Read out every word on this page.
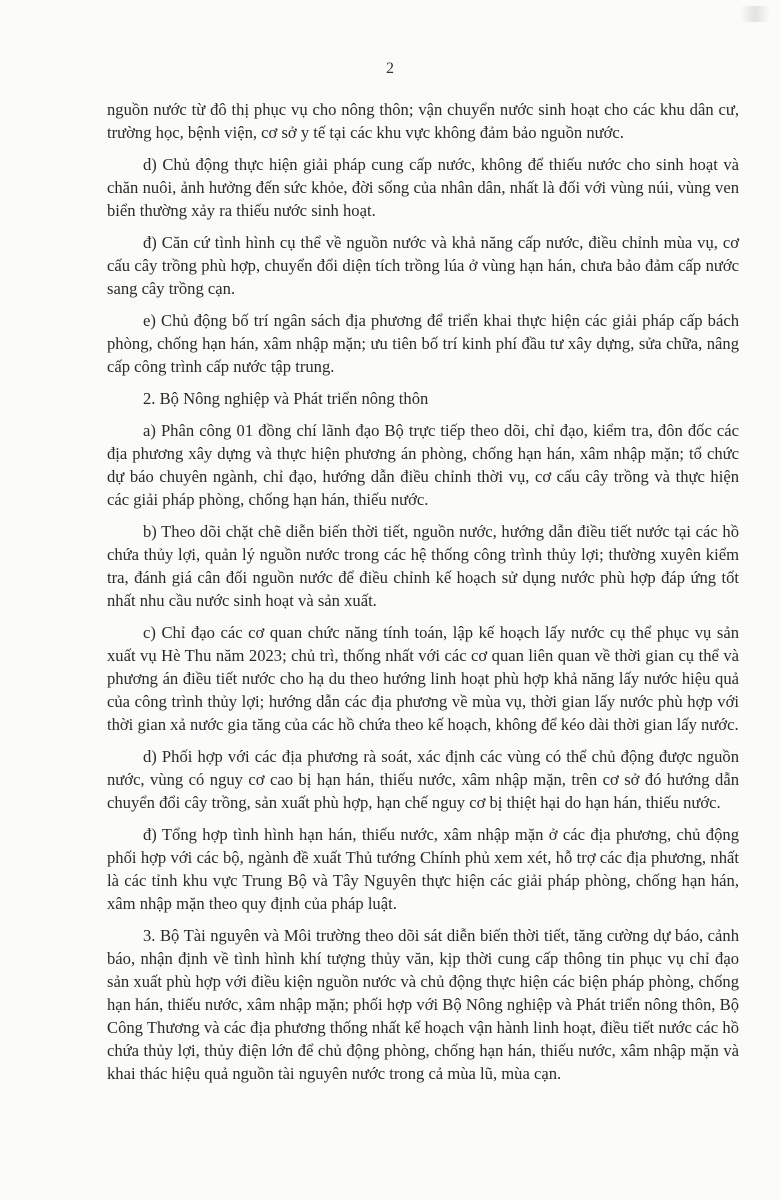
2

nguồn nước từ đô thị phục vụ cho nông thôn; vận chuyển nước sinh hoạt cho các khu dân cư, trường học, bệnh viện, cơ sở y tế tại các khu vực không đảm bảo nguồn nước.

d) Chủ động thực hiện giải pháp cung cấp nước, không để thiếu nước cho sinh hoạt và chăn nuôi, ảnh hưởng đến sức khỏe, đời sống của nhân dân, nhất là đối với vùng núi, vùng ven biển thường xảy ra thiếu nước sinh hoạt.

đ) Căn cứ tình hình cụ thể về nguồn nước và khả năng cấp nước, điều chỉnh mùa vụ, cơ cấu cây trồng phù hợp, chuyển đổi diện tích trồng lúa ở vùng hạn hán, chưa bảo đảm cấp nước sang cây trồng cạn.

e) Chủ động bố trí ngân sách địa phương để triển khai thực hiện các giải pháp cấp bách phòng, chống hạn hán, xâm nhập mặn; ưu tiên bố trí kinh phí đầu tư xây dựng, sửa chữa, nâng cấp công trình cấp nước tập trung.

2. Bộ Nông nghiệp và Phát triển nông thôn

a) Phân công 01 đồng chí lãnh đạo Bộ trực tiếp theo dõi, chỉ đạo, kiểm tra, đôn đốc các địa phương xây dựng và thực hiện phương án phòng, chống hạn hán, xâm nhập mặn; tổ chức dự báo chuyên ngành, chỉ đạo, hướng dẫn điều chỉnh thời vụ, cơ cấu cây trồng và thực hiện các giải pháp phòng, chống hạn hán, thiếu nước.

b) Theo dõi chặt chẽ diễn biến thời tiết, nguồn nước, hướng dẫn điều tiết nước tại các hồ chứa thủy lợi, quản lý nguồn nước trong các hệ thống công trình thủy lợi; thường xuyên kiểm tra, đánh giá cân đối nguồn nước để điều chỉnh kế hoạch sử dụng nước phù hợp đáp ứng tốt nhất nhu cầu nước sinh hoạt và sản xuất.

c) Chỉ đạo các cơ quan chức năng tính toán, lập kế hoạch lấy nước cụ thể phục vụ sản xuất vụ Hè Thu năm 2023; chủ trì, thống nhất với các cơ quan liên quan về thời gian cụ thể và phương án điều tiết nước cho hạ du theo hướng linh hoạt phù hợp khả năng lấy nước hiệu quả của công trình thủy lợi; hướng dẫn các địa phương về mùa vụ, thời gian lấy nước phù hợp với thời gian xả nước gia tăng của các hồ chứa theo kế hoạch, không để kéo dài thời gian lấy nước.

d) Phối hợp với các địa phương rà soát, xác định các vùng có thể chủ động được nguồn nước, vùng có nguy cơ cao bị hạn hán, thiếu nước, xâm nhập mặn, trên cơ sở đó hướng dẫn chuyển đổi cây trồng, sản xuất phù hợp, hạn chế nguy cơ bị thiệt hại do hạn hán, thiếu nước.

đ) Tổng hợp tình hình hạn hán, thiếu nước, xâm nhập mặn ở các địa phương, chủ động phối hợp với các bộ, ngành đề xuất Thủ tướng Chính phủ xem xét, hỗ trợ các địa phương, nhất là các tỉnh khu vực Trung Bộ và Tây Nguyên thực hiện các giải pháp phòng, chống hạn hán, xâm nhập mặn theo quy định của pháp luật.

3. Bộ Tài nguyên và Môi trường theo dõi sát diễn biến thời tiết, tăng cường dự báo, cảnh báo, nhận định về tình hình khí tượng thủy văn, kịp thời cung cấp thông tin phục vụ chỉ đạo sản xuất phù hợp với điều kiện nguồn nước và chủ động thực hiện các biện pháp phòng, chống hạn hán, thiếu nước, xâm nhập mặn; phối hợp với Bộ Nông nghiệp và Phát triển nông thôn, Bộ Công Thương và các địa phương thống nhất kế hoạch vận hành linh hoạt, điều tiết nước các hồ chứa thủy lợi, thủy điện lớn để chủ động phòng, chống hạn hán, thiếu nước, xâm nhập mặn và khai thác hiệu quả nguồn tài nguyên nước trong cả mùa lũ, mùa cạn.
